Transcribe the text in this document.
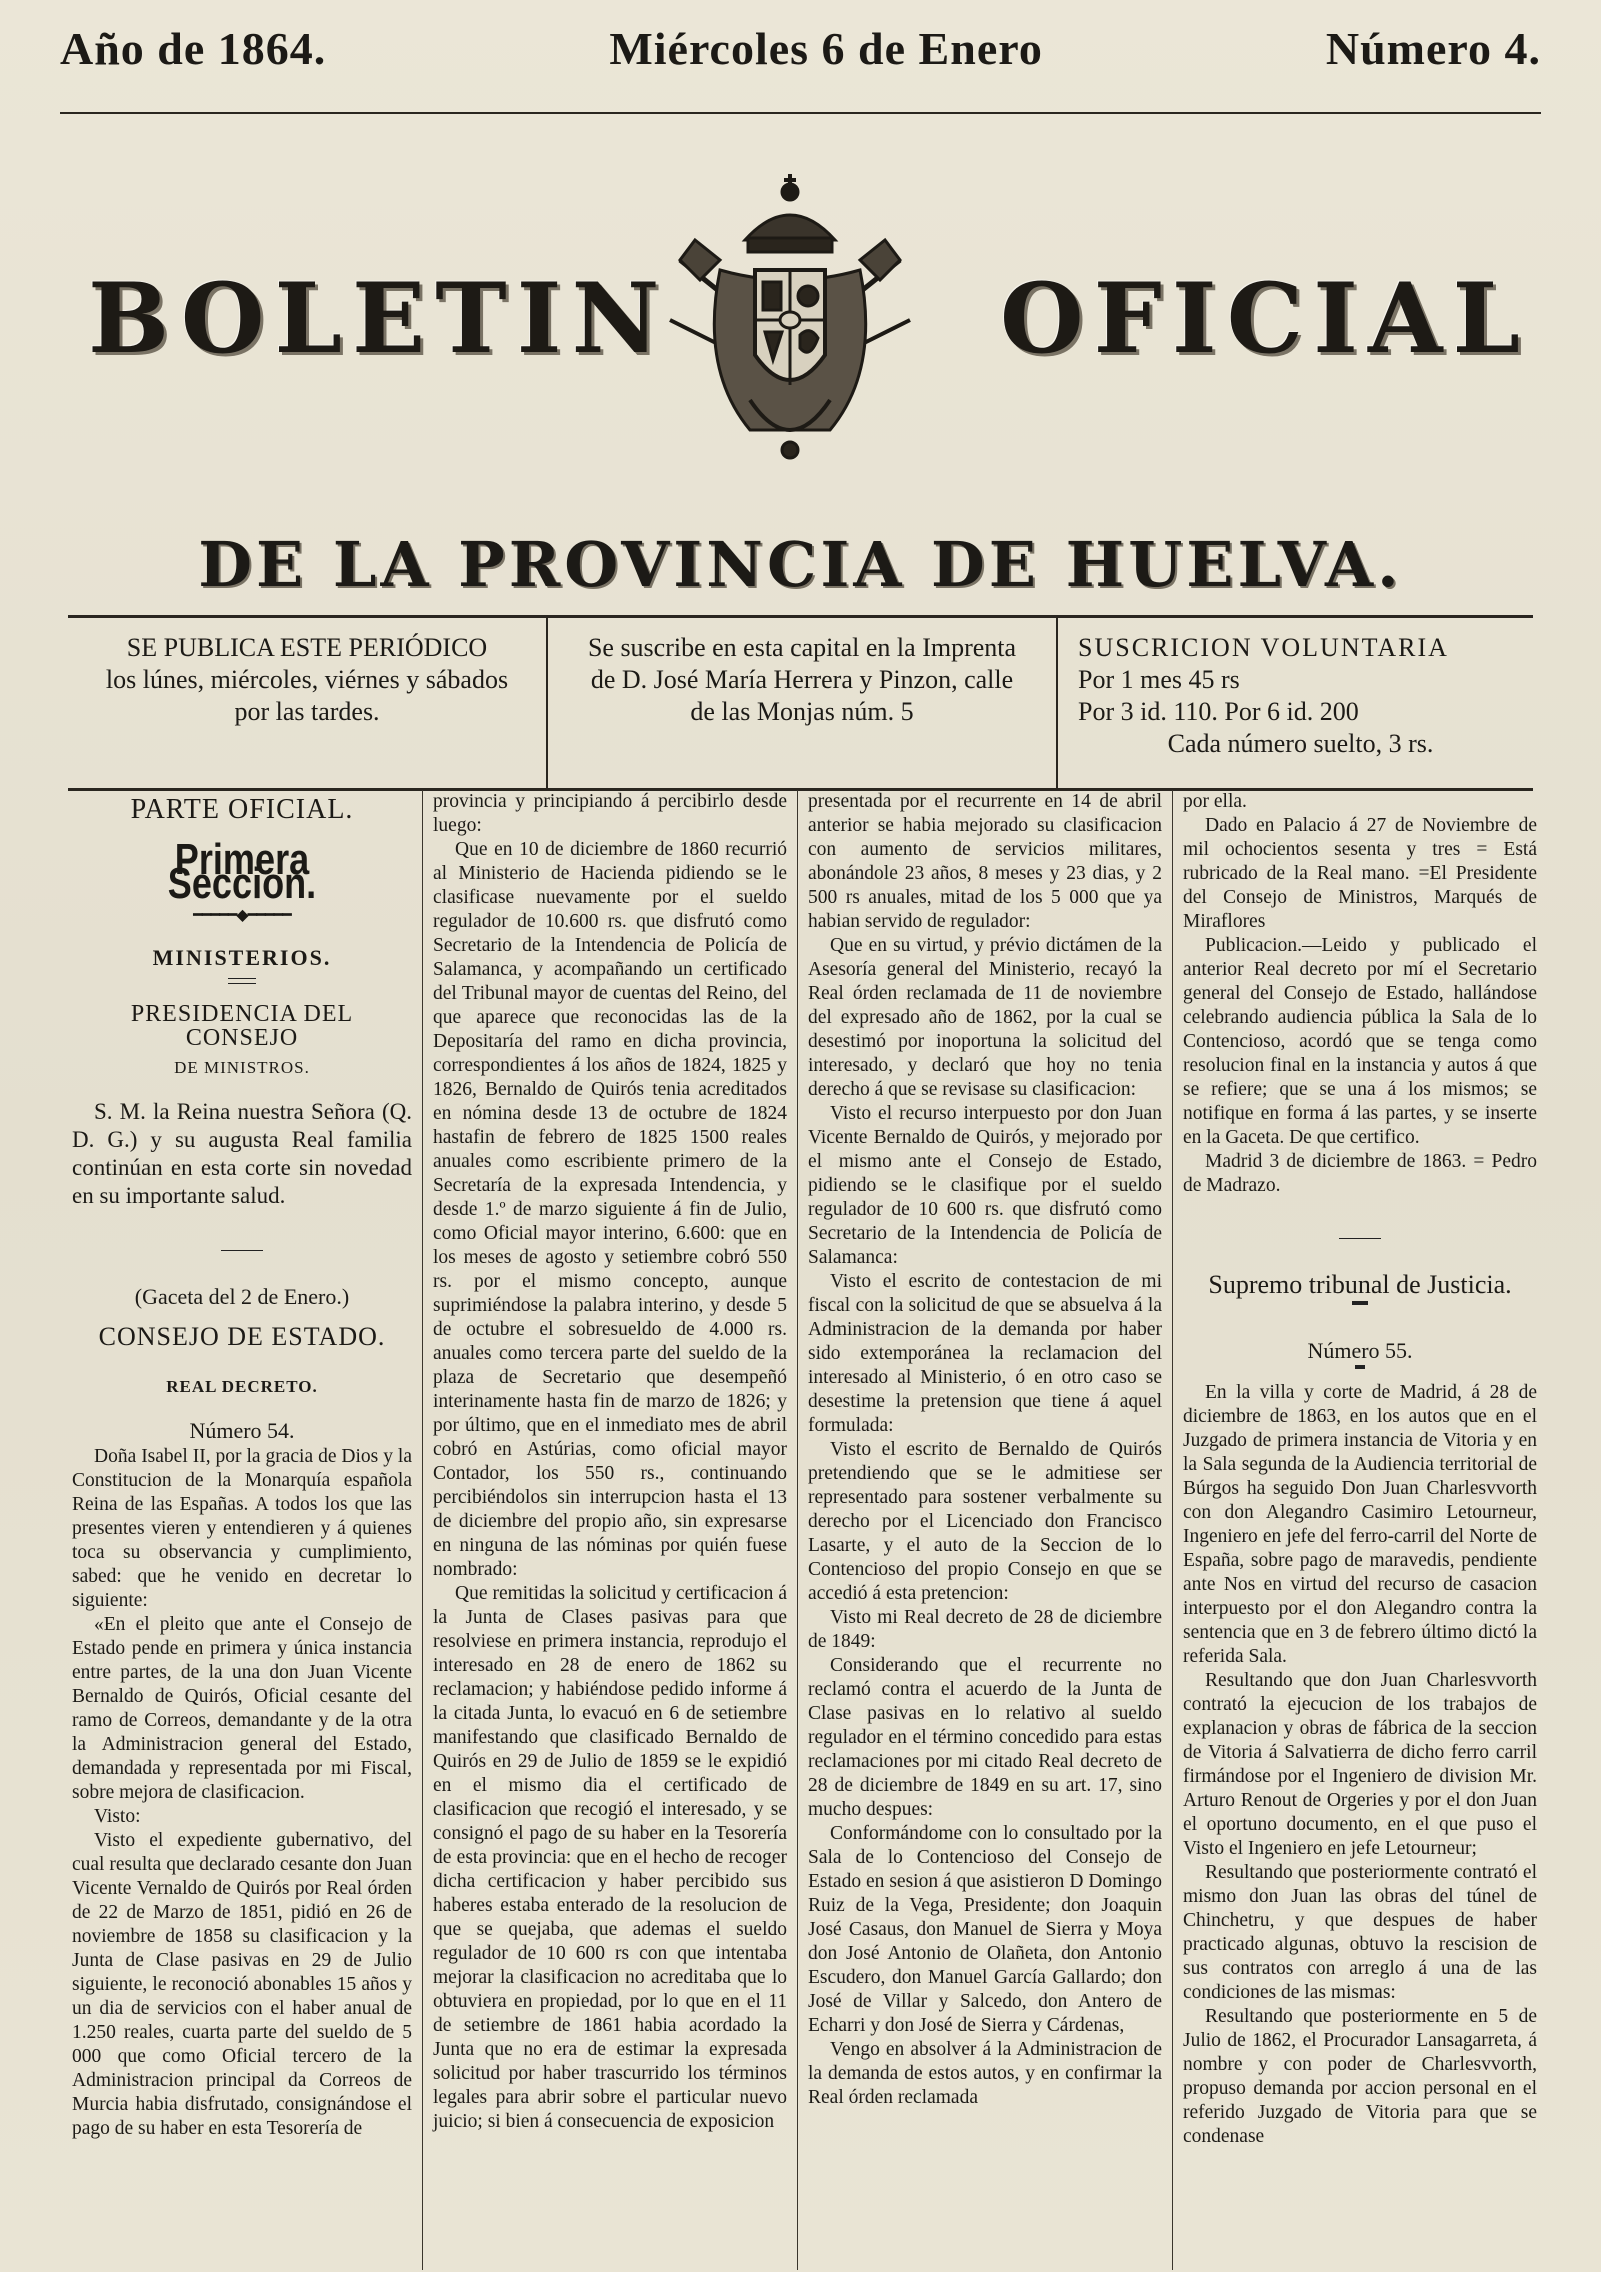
Año de 1864.	Miércoles 6 de Enero	Número 4.
BOLETIN	OFICIAL
DE LA PROVINCIA DE HUELVA.
SE PUBLICA ESTE PERIÓDICO
los lúnes, miércoles, viérnes y sábados
por las tardes.
Se suscribe en esta capital en la Imprenta
de D. José María Herrera y Pinzon, calle
de las Monjas núm. 5
SUSCRICION VOLUNTARIA
Por 1 mes 45 rs
Por 3 id. 110. Por 6 id. 200
Cada número suelto, 3 rs.
PARTE OFICIAL.
Primera Seccion.
━━━━━◆━━━━━
MINISTERIOS.
PRESIDENCIA DEL CONSEJO
DE MINISTROS.

S. M. la Reina nuestra Señora (Q. D. G.) y su augusta Real familia continúan en esta corte sin novedad en su importante salud.

(Gaceta del 2 de Enero.)
CONSEJO DE ESTADO.
REAL DECRETO.
Número 54.

Doña Isabel II, por la gracia de Dios y la Constitucion de la Monarquía española Reina de las Españas. A todos los que las presentes vieren y entendieren y á quienes toca su observancia y cumplimiento, sabed: que he venido en decretar lo siguiente:

«En el pleito que ante el Consejo de Estado pende en primera y única instancia entre partes, de la una don Juan Vicente Bernaldo de Quirós, Oficial cesante del ramo de Correos, demandante y de la otra la Administracion general del Estado, demandada y representada por mi Fiscal, sobre mejora de clasificacion.

Visto:

Visto el expediente gubernativo, del cual resulta que declarado cesante don Juan Vicente Vernaldo de Quirós por Real órden de 22 de Marzo de 1851, pidió en 26 de noviembre de 1858 su clasificacion y la Junta de Clase pasivas en 29 de Julio siguiente, le reconoció abonables 15 años y un dia de servicios con el haber anual de 1.250 reales, cuarta parte del sueldo de 5 000 que como Oficial tercero de la Administracion principal da Correos de Murcia habia disfrutado, consignándose el pago de su haber en esta Tesorería de

provincia y principiando á percibirlo desde luego:

Que en 10 de diciembre de 1860 recurrió al Ministerio de Hacienda pidiendo se le clasificase nuevamente por el sueldo regulador de 10.600 rs. que disfrutó como Secretario de la Intendencia de Policía de Salamanca, y acompañando un certificado del Tribunal mayor de cuentas del Reino, del que aparece que reconocidas las de la Depositaría del ramo en dicha provincia, correspondientes á los años de 1824, 1825 y 1826, Bernaldo de Quirós tenia acreditados en nómina desde 13 de octubre de 1824 hastafin de febrero de 1825 1500 reales anuales como escribiente primero de la Secretaría de la expresada Intendencia, y desde 1.º de marzo siguiente á fin de Julio, como Oficial mayor interino, 6.600: que en los meses de agosto y setiembre cobró 550 rs. por el mismo concepto, aunque suprimiéndose la palabra interino, y desde 5 de octubre el sobresueldo de 4.000 rs. anuales como tercera parte del sueldo de la plaza de Secretario que desempeñó interinamente hasta fin de marzo de 1826; y por último, que en el inmediato mes de abril cobró en Astúrias, como oficial mayor Contador, los 550 rs., continuando percibiéndolos sin interrupcion hasta el 13 de diciembre del propio año, sin expresarse en ninguna de las nóminas por quién fuese nombrado:

Que remitidas la solicitud y certificacion á la Junta de Clases pasivas para que resolviese en primera instancia, reprodujo el interesado en 28 de enero de 1862 su reclamacion; y habiéndose pedido informe á la citada Junta, lo evacuó en 6 de setiembre manifestando que clasificado Bernaldo de Quirós en 29 de Julio de 1859 se le expidió en el mismo dia el certificado de clasificacion que recogió el interesado, y se consignó el pago de su haber en la Tesorería de esta provincia: que en el hecho de recoger dicha certificacion y haber percibido sus haberes estaba enterado de la resolucion de que se quejaba, que ademas el sueldo regulador de 10 600 rs con que intentaba mejorar la clasificacion no acreditaba que lo obtuviera en propiedad, por lo que en el 11 de setiembre de 1861 habia acordado la Junta que no era de estimar la expresada solicitud por haber trascurrido los términos legales para abrir sobre el particular nuevo juicio; si bien á consecuencia de exposicion

presentada por el recurrente en 14 de abril anterior se habia mejorado su clasificacion con aumento de servicios militares, abonándole 23 años, 8 meses y 23 dias, y 2 500 rs anuales, mitad de los 5 000 que ya habian servido de regulador:

Que en su virtud, y prévio dictámen de la Asesoría general del Ministerio, recayó la Real órden reclamada de 11 de noviembre del expresado año de 1862, por la cual se desestimó por inoportuna la solicitud del interesado, y declaró que hoy no tenia derecho á que se revisase su clasificacion:

Visto el recurso interpuesto por don Juan Vicente Bernaldo de Quirós, y mejorado por el mismo ante el Consejo de Estado, pidiendo se le clasifique por el sueldo regulador de 10 600 rs. que disfrutó como Secretario de la Intendencia de Policía de Salamanca:

Visto el escrito de contestacion de mi fiscal con la solicitud de que se absuelva á la Administracion de la demanda por haber sido extemporánea la reclamacion del interesado al Ministerio, ó en otro caso se desestime la pretension que tiene á aquel formulada:

Visto el escrito de Bernaldo de Quirós pretendiendo que se le admitiese ser representado para sostener verbalmente su derecho por el Licenciado don Francisco Lasarte, y el auto de la Seccion de lo Contencioso del propio Consejo en que se accedió á esta pretencion:

Visto mi Real decreto de 28 de diciembre de 1849:

Considerando que el recurrente no reclamó contra el acuerdo de la Junta de Clase pasivas en lo relativo al sueldo regulador en el término concedido para estas reclamaciones por mi citado Real decreto de 28 de diciembre de 1849 en su art. 17, sino mucho despues:

Conformándome con lo consultado por la Sala de lo Contencioso del Consejo de Estado en sesion á que asistieron D Domingo Ruiz de la Vega, Presidente; don Joaquin José Casaus, don Manuel de Sierra y Moya don José Antonio de Olañeta, don Antonio Escudero, don Manuel García Gallardo; don José de Villar y Salcedo, don Antero de Echarri y don José de Sierra y Cárdenas,

Vengo en absolver á la Administracion de la demanda de estos autos, y en confirmar la Real órden reclamada

por ella.

Dado en Palacio á 27 de Noviembre de mil ochocientos sesenta y tres = Está rubricado de la Real mano. =El Presidente del Consejo de Ministros, Marqués de Miraflores

Publicacion.—Leido y publicado el anterior Real decreto por mí el Secretario general del Consejo de Estado, hallándose celebrando audiencia pública la Sala de lo Contencioso, acordó que se tenga como resolucion final en la instancia y autos á que se refiere; que se una á los mismos; se notifique en forma á las partes, y se inserte en la Gaceta. De que certifico.

Madrid 3 de diciembre de 1863. = Pedro de Madrazo.

Supremo tribunal de Justicia.
Número 55.

En la villa y corte de Madrid, á 28 de diciembre de 1863, en los autos que en el Juzgado de primera instancia de Vitoria y en la Sala segunda de la Audiencia territorial de Búrgos ha seguido Don Juan Charlesvvorth con don Alegandro Casimiro Letourneur, Ingeniero en jefe del ferro-carril del Norte de España, sobre pago de maravedis, pendiente ante Nos en virtud del recurso de casacion interpuesto por el don Alegandro contra la sentencia que en 3 de febrero último dictó la referida Sala.

Resultando que don Juan Charlesvvorth contrató la ejecucion de los trabajos de explanacion y obras de fábrica de la seccion de Vitoria á Salvatierra de dicho ferro carril firmándose por el Ingeniero de division Mr. Arturo Renout de Orgeries y por el don Juan el oportuno documento, en el que puso el Visto el Ingeniero en jefe Letourneur;

Resultando que posteriormente contrató el mismo don Juan las obras del túnel de Chinchetru, y que despues de haber practicado algunas, obtuvo la rescision de sus contratos con arreglo á una de las condiciones de las mismas:

Resultando que posteriormente en 5 de Julio de 1862, el Procurador Lansagarreta, á nombre y con poder de Charlesvvorth, propuso demanda por accion personal en el referido Juzgado de Vitoria para que se condenase
